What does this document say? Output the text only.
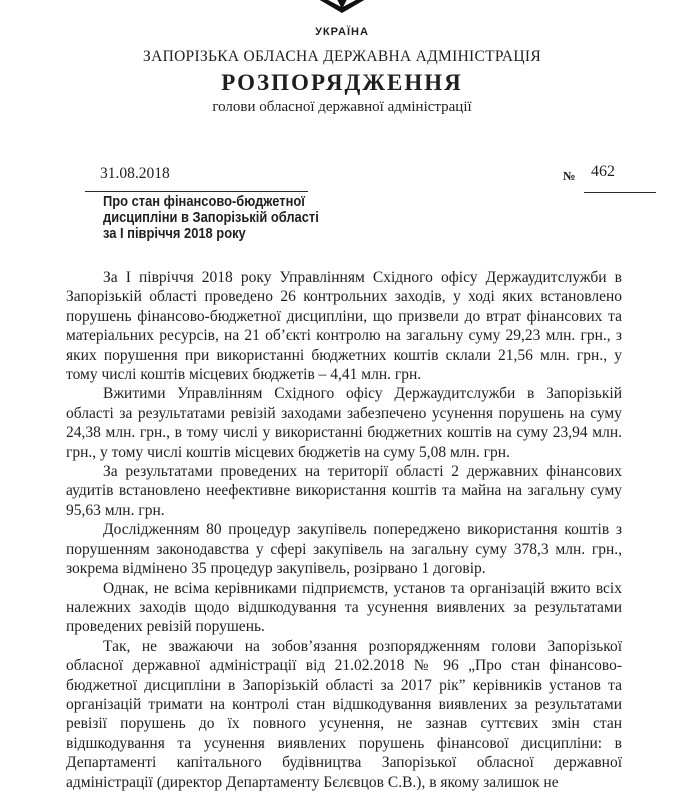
УКРАЇНА
ЗАПОРІЗЬКА ОБЛАСНА ДЕРЖАВНА АДМІНІСТРАЦІЯ
РОЗПОРЯДЖЕННЯ
голови обласної державної адміністрації
31.08.2018	№ 462
Про стан фінансово-бюджетної
дисципліни в Запорізькій області
за І півріччя 2018 року

За І півріччя 2018 року Управлінням Східного офісу Держаудитслужби в Запорізькій області проведено 26 контрольних заходів, у ході яких встановлено порушень фінансово-бюджетної дисципліни, що призвели до втрат фінансових та матеріальних ресурсів, на 21 об’єкті контролю на загальну суму 29,23 млн. грн., з яких порушення при використанні бюджетних коштів склали 21,56 млн. грн., у тому числі коштів місцевих бюджетів – 4,41 млн. грн.

Вжитими Управлінням Східного офісу Держаудитслужби в Запорізькій області за результатами ревізій заходами забезпечено усунення порушень на суму 24,38 млн. грн., в тому числі у використанні бюджетних коштів на суму 23,94 млн. грн., у тому числі коштів місцевих бюджетів на суму 5,08 млн. грн.

За результатами проведених на території області 2 державних фінансових аудитів встановлено неефективне використання коштів та майна на загальну суму 95,63 млн. грн.

Дослідженням 80 процедур закупівель попереджено використання коштів з порушенням законодавства у сфері закупівель на загальну суму 378,3 млн. грн., зокрема відмінено 35 процедур закупівель, розірвано 1 договір.

Однак, не всіма керівниками підприємств, установ та організацій вжито всіх належних заходів щодо відшкодування та усунення виявлених за результатами проведених ревізій порушень.

Так, не зважаючи на зобов’язання розпорядженням голови Запорізької обласної державної адміністрації від 21.02.2018 № 96 „Про стан фінансово-бюджетної дисципліни в Запорізькій області за 2017 рік” керівників установ та організацій тримати на контролі стан відшкодування виявлених за результатами ревізії порушень до їх повного усунення, не зазнав суттєвих змін стан відшкодування та усунення виявлених порушень фінансової дисципліни: в Департаменті капітального будівництва Запорізької обласної державної адміністрації (директор Департаменту Бєлєвцов С.В.), в якому залишок не
